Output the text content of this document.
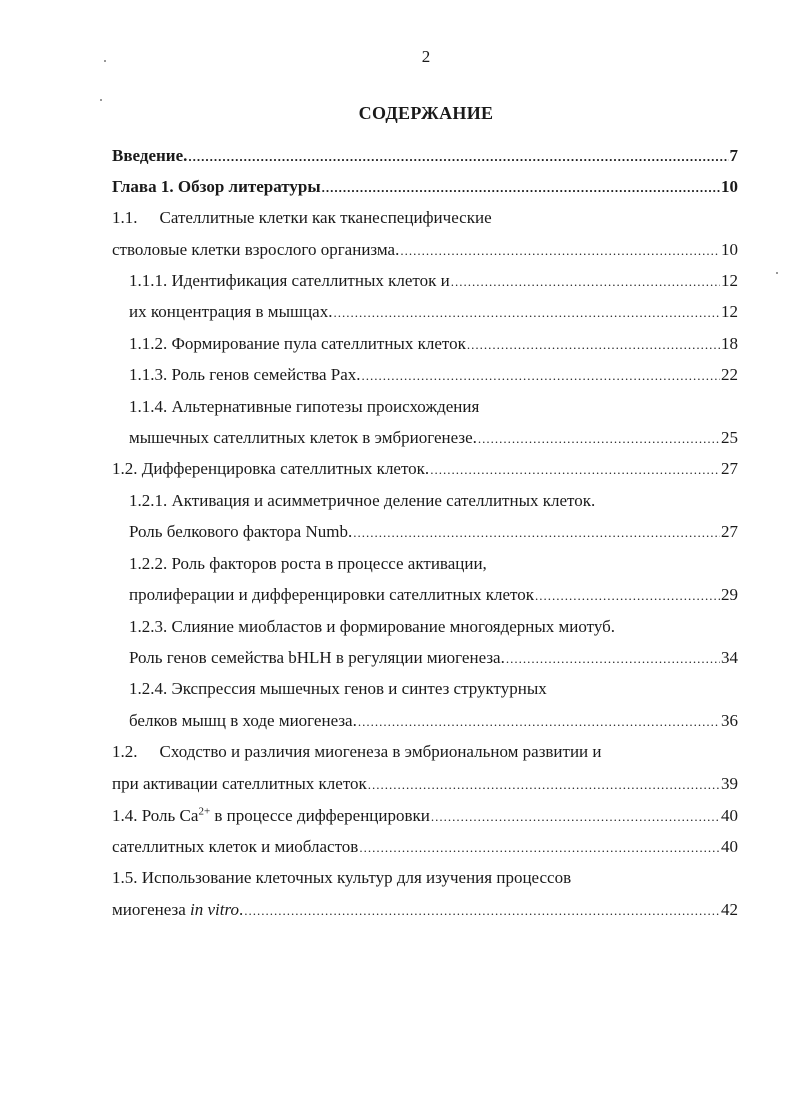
2
СОДЕРЖАНИЕ
Введение. .....	7
Глава 1. Обзор литературы .....	10
1.1. Сателлитные клетки как тканеспецифические
стволовые клетки взрослого организма. .....	10
1.1.1. Идентификация сателлитных клеток и .....	12
их концентрация в мышцах. .....	12
1.1.2. Формирование пула сателлитных клеток .....	18
1.1.3. Роль генов семейства Pax. .....	22
1.1.4. Альтернативные гипотезы происхождения
мышечных сателлитных клеток в эмбриогенезе. .....	25
1.2. Дифференцировка сателлитных клеток. .....	27
1.2.1. Активация и асимметричное деление сателлитных клеток.
Роль белкового фактора Numb. .....	27
1.2.2. Роль факторов роста в процессе активации,
пролиферации и дифференцировки сателлитных клеток .....	29
1.2.3. Слияние миобластов и формирование многоядерных миотуб.
Роль генов семейства bHLH в регуляции миогенеза. .....	34
1.2.4. Экспрессия мышечных генов и синтез структурных
белков мышц в ходе миогенеза. .....	36
1.2. Сходство и различия миогенеза в эмбриональном развитии и
при активации сателлитных клеток .....	39
1.4. Роль $Ca^{2+}$ в процессе дифференцировки .....	40
сателлитных клеток и миобластов .....	40
1.5. Использование клеточных культур для изучения процессов
миогенеза in vitro. .....	42
